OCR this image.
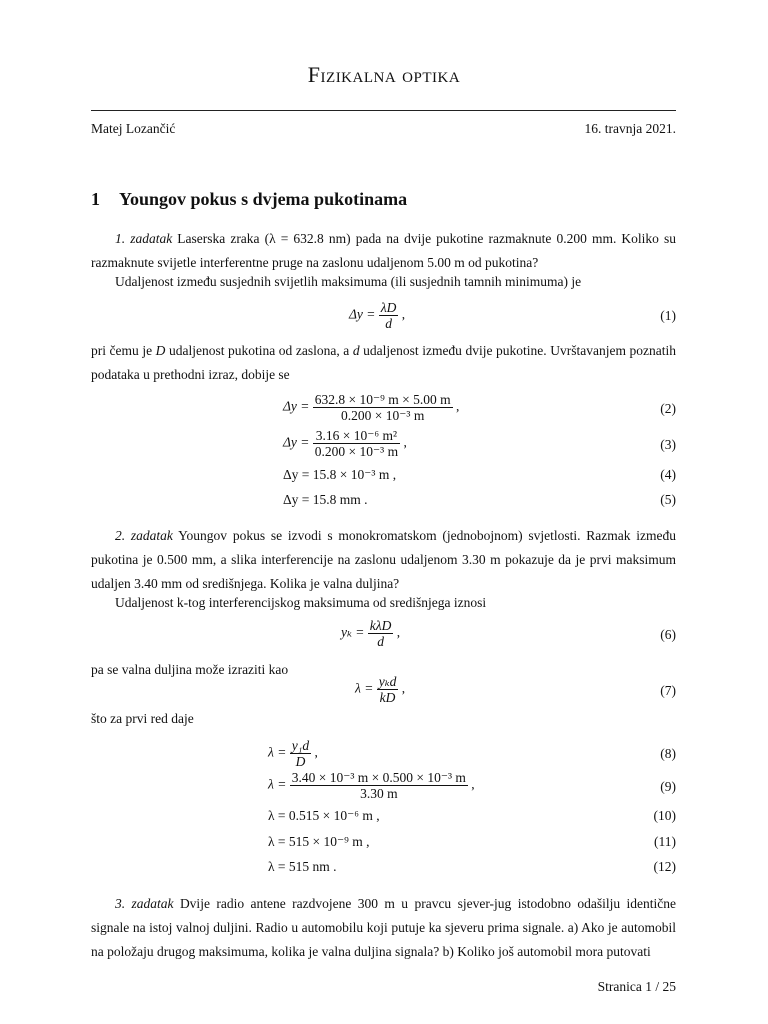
Fizikalna optika
Matej Lozančić	16. travnja 2021.
1 Youngov pokus s dvjema pukotinama
1. zadatak Laserska zraka (λ = 632.8 nm) pada na dvije pukotine razmaknute 0.200 mm. Koliko su razmaknute svijetle interferentne pruge na zaslonu udaljenom 5.00 m od pukotina?
Udaljenost između susjednih svijetlih maksimuma (ili susjednih tamnih minimuma) je
$\Delta y = \frac{\lambda D}{d}$ ,	(1)
pri čemu je D udaljenost pukotina od zaslona, a d udaljenost između dvije pukotine. Uvrštavanjem poznatih podataka u prethodni izraz, dobije se
$\Delta y = \frac{\text{632.8 × 10⁻⁹ m × 5.00 m}}{\text{0.200 × 10⁻³ m}}$ ,	(2)
$\Delta y = \frac{\text{3.16 × 10⁻⁶ m²}}{\text{0.200 × 10⁻³ m}}$ ,	(3)
Δy = 15.8 × 10⁻³ m ,	(4)
Δy = 15.8 mm .	(5)
2. zadatak Youngov pokus se izvodi s monokromatskom (jednobojnom) svjetlosti. Razmak između pukotina je 0.500 mm, a slika interferencije na zaslonu udaljenom 3.30 m pokazuje da je prvi maksimum udaljen 3.40 mm od središnjega. Kolika je valna duljina?
Udaljenost k-tog interferencijskog maksimuma od središnjega iznosi
$y_k = \frac{\text{kλD}}{d}$ ,	(6)
pa se valna duljina može izraziti kao
$\lambda = \frac{\text{yₖd}}{kD}$ ,	(7)
što za prvi red daje
$\lambda = \frac{\text{y₁d}}{D}$ ,	(8)
$\lambda = \frac{\text{3.40 × 10⁻³ m × 0.500 × 10⁻³ m}}{3.30 m}$ ,	(9)
λ = 0.515 × 10⁻⁶ m ,	(10)
λ = 515 × 10⁻⁹ m ,	(11)
λ = 515 nm .	(12)
3. zadatak Dvije radio antene razdvojene 300 m u pravcu sjever-jug istodobno odašilju identične signale na istoj valnoj duljini. Radio u automobilu koji putuje ka sjeveru prima signale. a) Ako je automobil na položaju drugog maksimuma, kolika je valna duljina signala? b) Koliko još automobil mora putovati
Stranica 1 / 25
